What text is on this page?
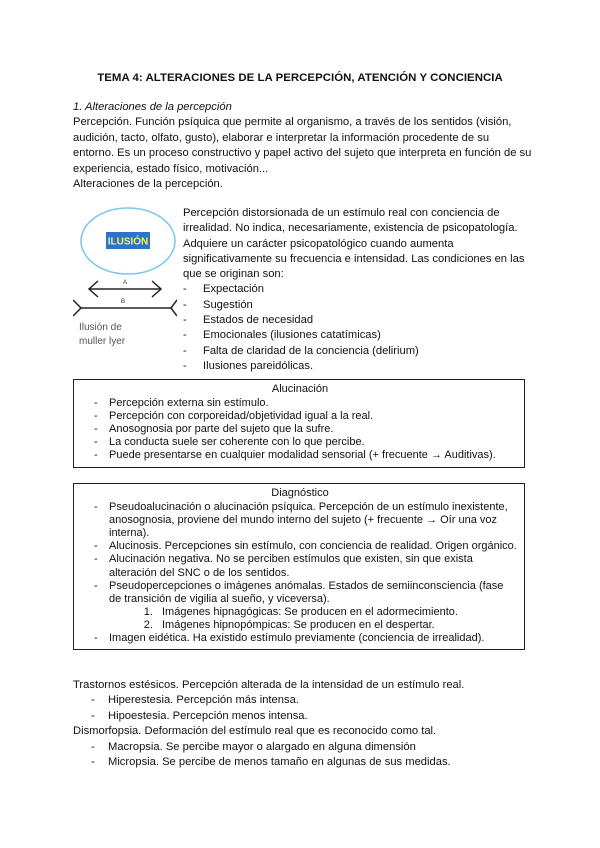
TEMA 4: ALTERACIONES DE LA PERCEPCIÓN, ATENCIÓN Y CONCIENCIA
1. Alteraciones de la percepción
Percepción. Función psíquica que permite al organismo, a través de los sentidos (visión, audición, tacto, olfato, gusto), elaborar e interpretar la información procedente de su entorno. Es un proceso constructivo y papel activo del sujeto que interpreta en función de su experiencia, estado físico, motivación...
Alteraciones de la percepción.
ILUSIÓN
A
B
Ilusión de
muller lyer
Percepción distorsionada de un estímulo real con conciencia de irrealidad. No indica, necesariamente, existencia de psicopatología. Adquiere un carácter psicopatológico cuando aumenta significativamente su frecuencia e intensidad. Las condiciones en las que se originan son:
- Expectación
- Sugestión
- Estados de necesidad
- Emocionales (ilusiones catatímicas)
- Falta de claridad de la conciencia (delirium)
- Ilusiones pareidólicas.
Alucinación
- Percepción externa sin estímulo.
- Percepción con corporeidad/objetividad igual a la real.
- Anosognosia por parte del sujeto que la sufre.
- La conducta suele ser coherente con lo que percibe.
- Puede presentarse en cualquier modalidad sensorial (+ frecuente → Auditivas).
Diagnóstico
- Pseudoalucinación o alucinación psíquica. Percepción de un estímulo inexistente, anosognosia, proviene del mundo interno del sujeto (+ frecuente → Oír una voz interna).
- Alucinosis. Percepciones sin estímulo, con conciencia de realidad. Origen orgánico.
- Alucinación negativa. No se perciben estímulos que existen, sin que exista alteración del SNC o de los sentidos.
- Pseudopercepciones o imágenes anómalas. Estados de semiinconsciencia (fase de transición de vigilia al sueño, y viceversa).
1. Imágenes hipnagógicas: Se producen en el adormecimiento.
2. Imágenes hipnopómpicas: Se producen en el despertar.
- Imagen eidética. Ha existido estímulo previamente (conciencia de irrealidad).
Trastornos estésicos. Percepción alterada de la intensidad de un estímulo real.
- Hiperestesia. Percepción más intensa.
- Hipoestesia. Percepción menos intensa.
Dismorfopsia. Deformación del estímulo real que es reconocido como tal.
- Macropsia. Se percibe mayor o alargado en alguna dimensión
- Micropsia. Se percibe de menos tamaño en algunas de sus medidas.
